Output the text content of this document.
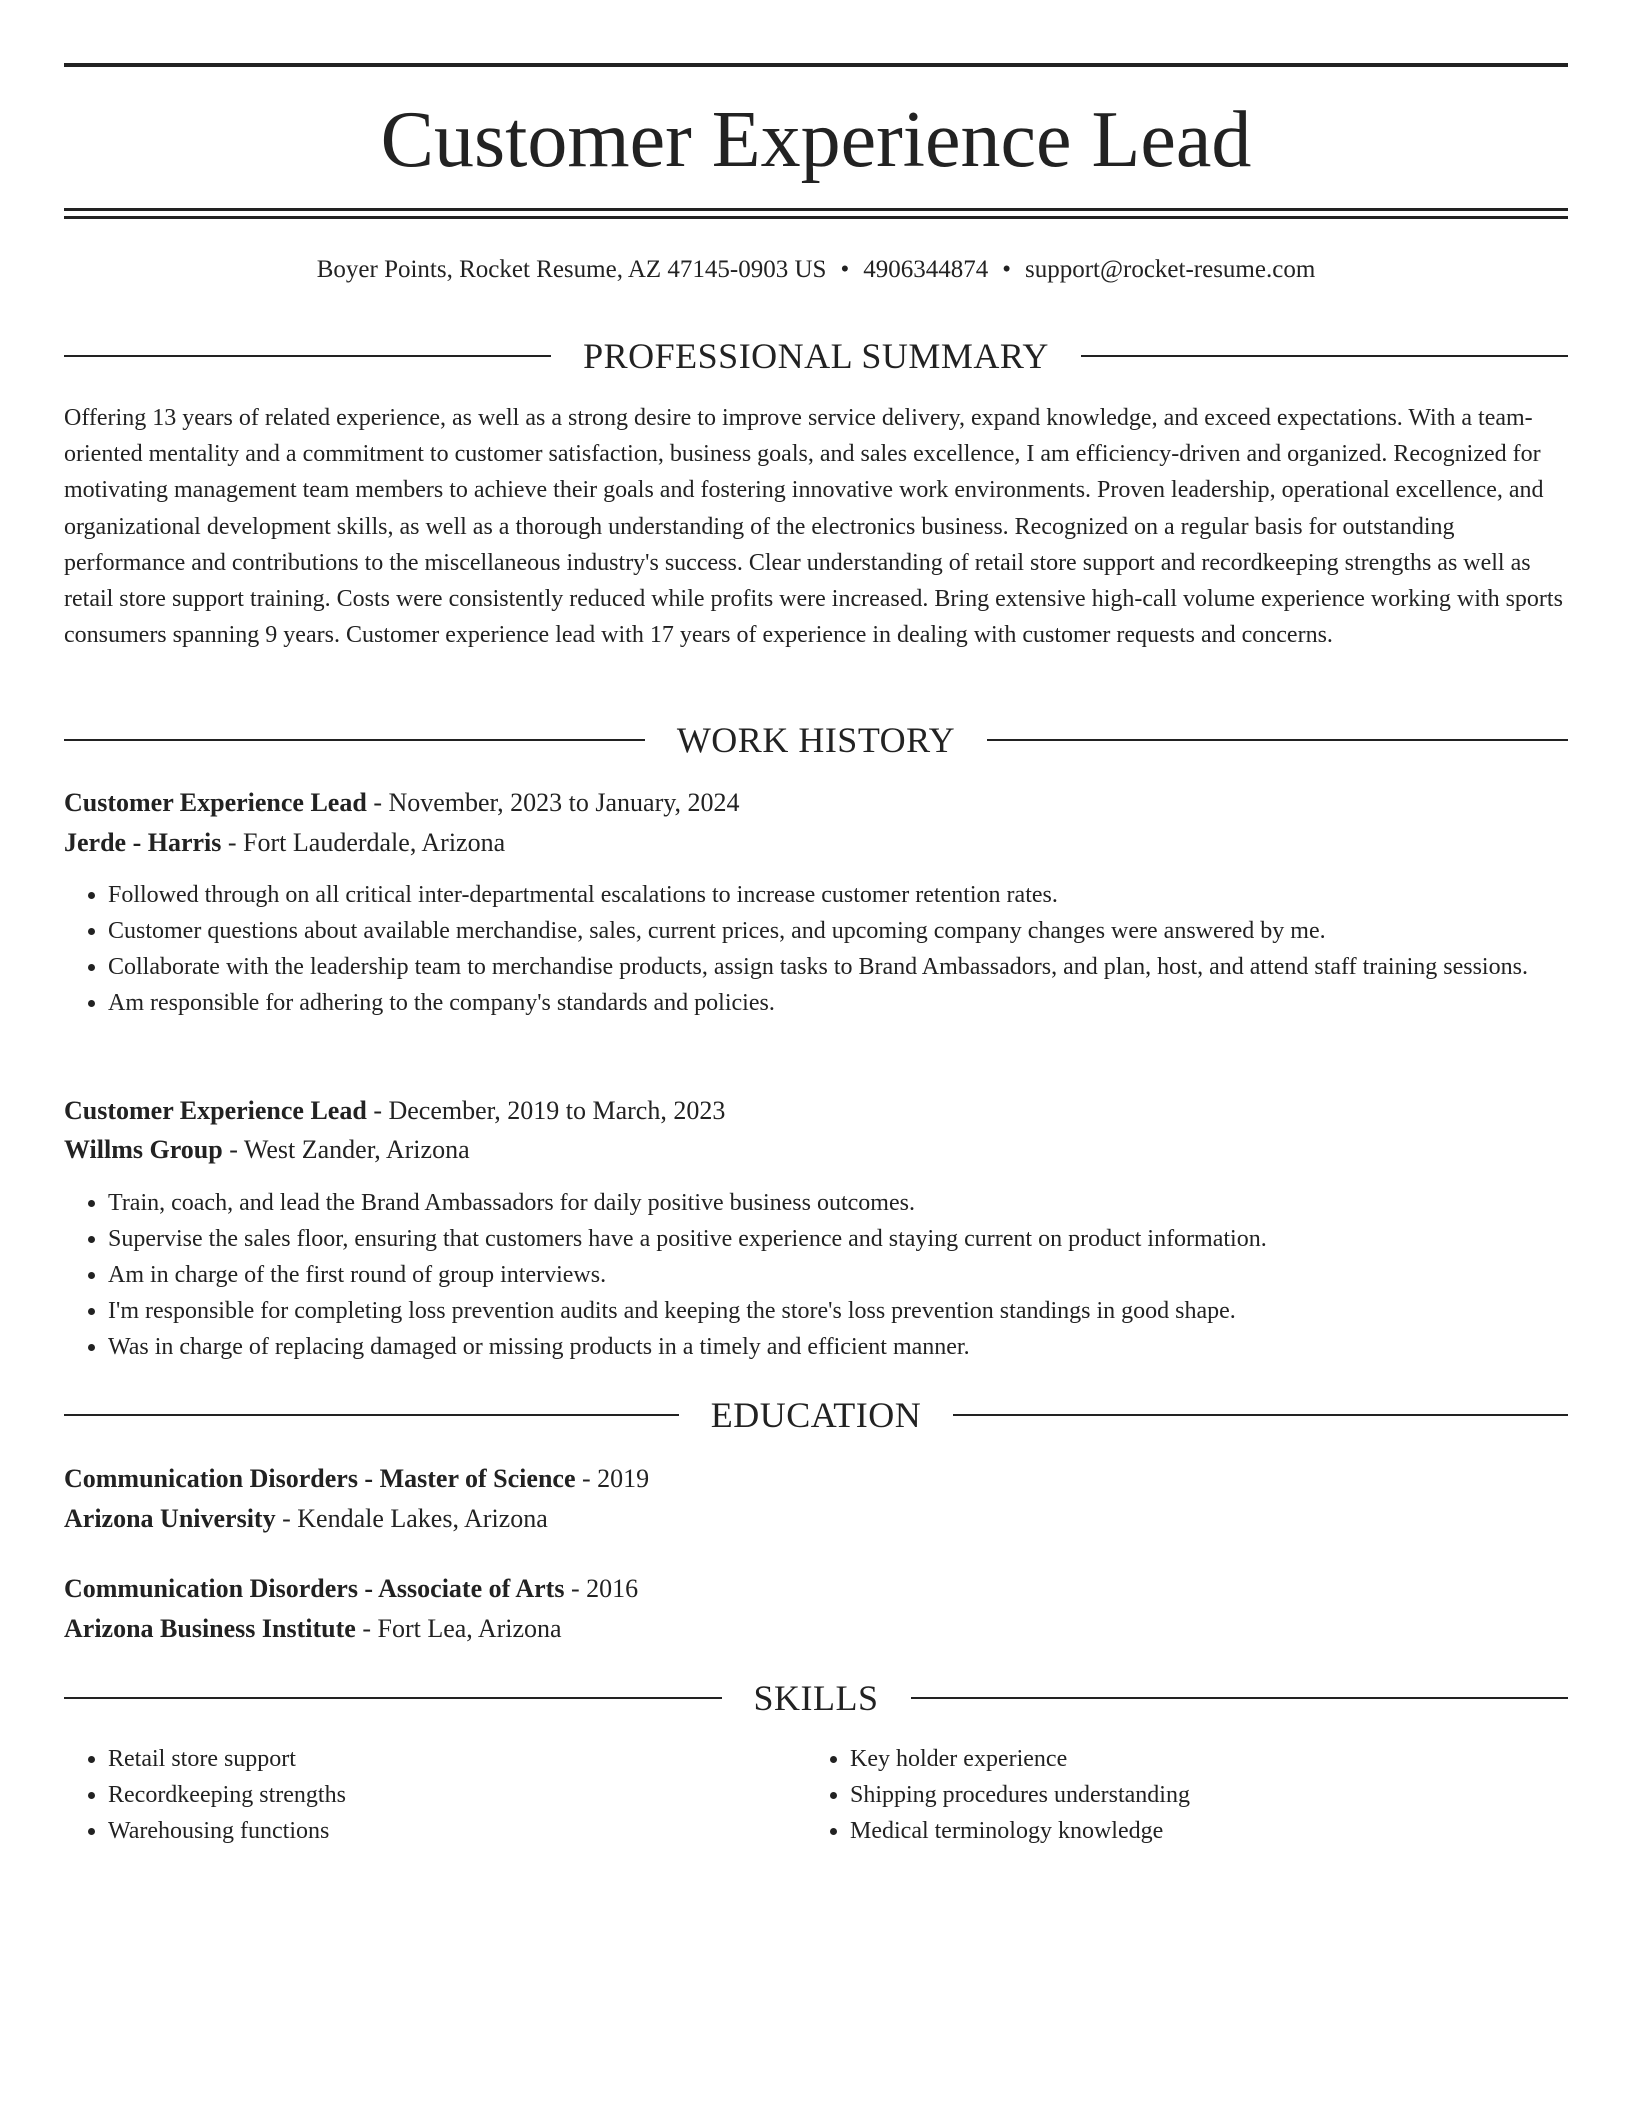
Customer Experience Lead
Boyer Points, Rocket Resume, AZ 47145-0903 US • 4906344874 • support@rocket-resume.com
PROFESSIONAL SUMMARY

Offering 13 years of related experience, as well as a strong desire to improve service delivery, expand knowledge, and exceed expectations. With a team-oriented mentality and a commitment to customer satisfaction, business goals, and sales excellence, I am efficiency-driven and organized. Recognized for motivating management team members to achieve their goals and fostering innovative work environments. Proven leadership, operational excellence, and organizational development skills, as well as a thorough understanding of the electronics business. Recognized on a regular basis for outstanding performance and contributions to the miscellaneous industry's success. Clear understanding of retail store support and recordkeeping strengths as well as retail store support training. Costs were consistently reduced while profits were increased. Bring extensive high-call volume experience working with sports consumers spanning 9 years. Customer experience lead with 17 years of experience in dealing with customer requests and concerns.

WORK HISTORY
Customer Experience Lead - November, 2023 to January, 2024
Jerde - Harris - Fort Lauderdale, Arizona
• Followed through on all critical inter-departmental escalations to increase customer retention rates.
• Customer questions about available merchandise, sales, current prices, and upcoming company changes were answered by me.
• Collaborate with the leadership team to merchandise products, assign tasks to Brand Ambassadors, and plan, host, and attend staff training sessions.
• Am responsible for adhering to the company's standards and policies.
Customer Experience Lead - December, 2019 to March, 2023
Willms Group - West Zander, Arizona
• Train, coach, and lead the Brand Ambassadors for daily positive business outcomes.
• Supervise the sales floor, ensuring that customers have a positive experience and staying current on product information.
• Am in charge of the first round of group interviews.
• I'm responsible for completing loss prevention audits and keeping the store's loss prevention standings in good shape.
• Was in charge of replacing damaged or missing products in a timely and efficient manner.
EDUCATION
Communication Disorders - Master of Science - 2019
Arizona University - Kendale Lakes, Arizona
Communication Disorders - Associate of Arts - 2016
Arizona Business Institute - Fort Lea, Arizona
SKILLS
• Retail store support
• Recordkeeping strengths
• Warehousing functions
• Key holder experience
• Shipping procedures understanding
• Medical terminology knowledge
